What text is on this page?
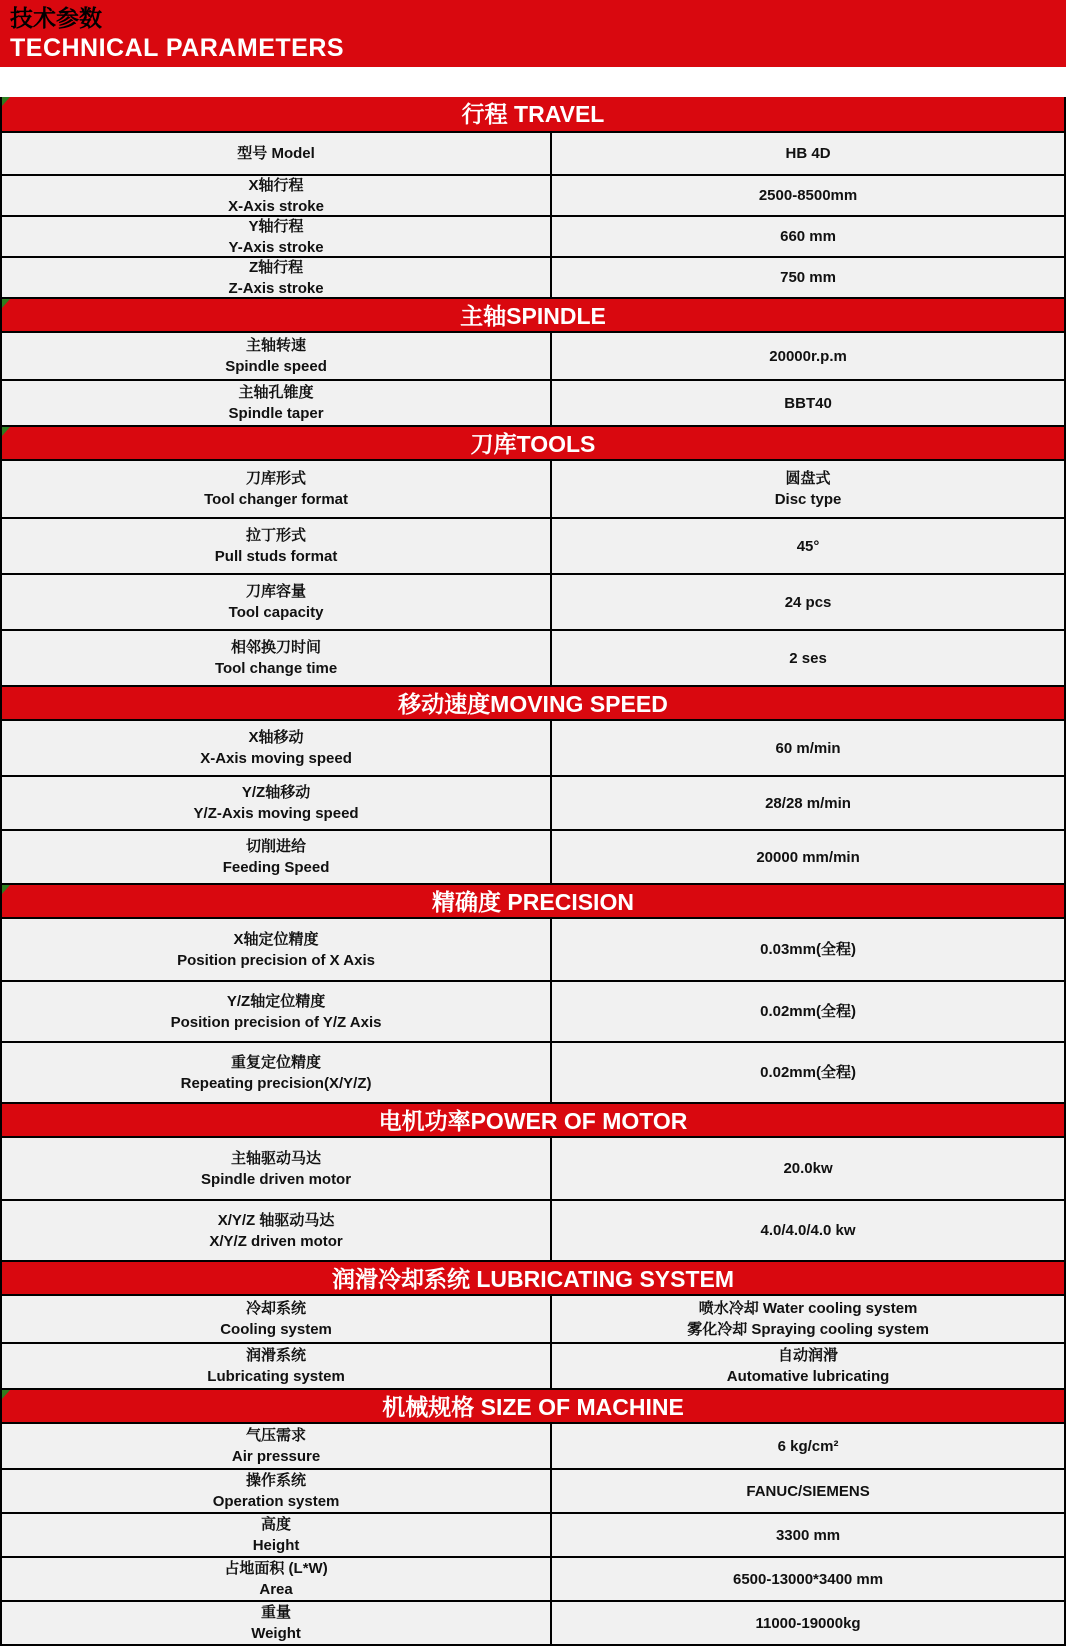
技术参数
TECHNICAL PARAMETERS
行程 TRAVEL
型号 Model	HB 4D
X轴行程
X-Axis stroke
2500-8500mm
Y轴行程
Y-Axis stroke
660 mm
Z轴行程
Z-Axis stroke
750 mm
主轴SPINDLE
主轴转速
Spindle speed
20000r.p.m
主轴孔锥度
Spindle taper
BBT40
刀库TOOLS
刀库形式
Tool changer format
圆盘式
Disc type
拉丁形式
Pull studs format
45°
刀库容量
Tool capacity
24 pcs
相邻换刀时间
Tool change time
2 ses
移动速度MOVING SPEED
X轴移动
X-Axis moving speed
60 m/min
Y/Z轴移动
Y/Z-Axis moving speed
28/28 m/min
切削进给
Feeding Speed
20000 mm/min
精确度 PRECISION
X轴定位精度
Position precision of X Axis
0.03mm(全程)
Y/Z轴定位精度
Position precision of Y/Z Axis
0.02mm(全程)
重复定位精度
Repeating precision(X/Y/Z)
0.02mm(全程)
电机功率POWER OF MOTOR
主轴驱动马达
Spindle driven motor
20.0kw
X/Y/Z 轴驱动马达
X/Y/Z driven motor
4.0/4.0/4.0 kw
润滑冷却系统 LUBRICATING SYSTEM
冷却系统
Cooling system
喷水冷却 Water cooling system
雾化冷却 Spraying cooling system
润滑系统
Lubricating system
自动润滑
Automative lubricating
机械规格 SIZE OF MACHINE
气压需求
Air pressure
6 kg/cm²
操作系统
Operation system
FANUC/SIEMENS
高度
Height
3300 mm
占地面积 (L*W)
Area
6500-13000*3400 mm
重量
Weight
11000-19000kg
